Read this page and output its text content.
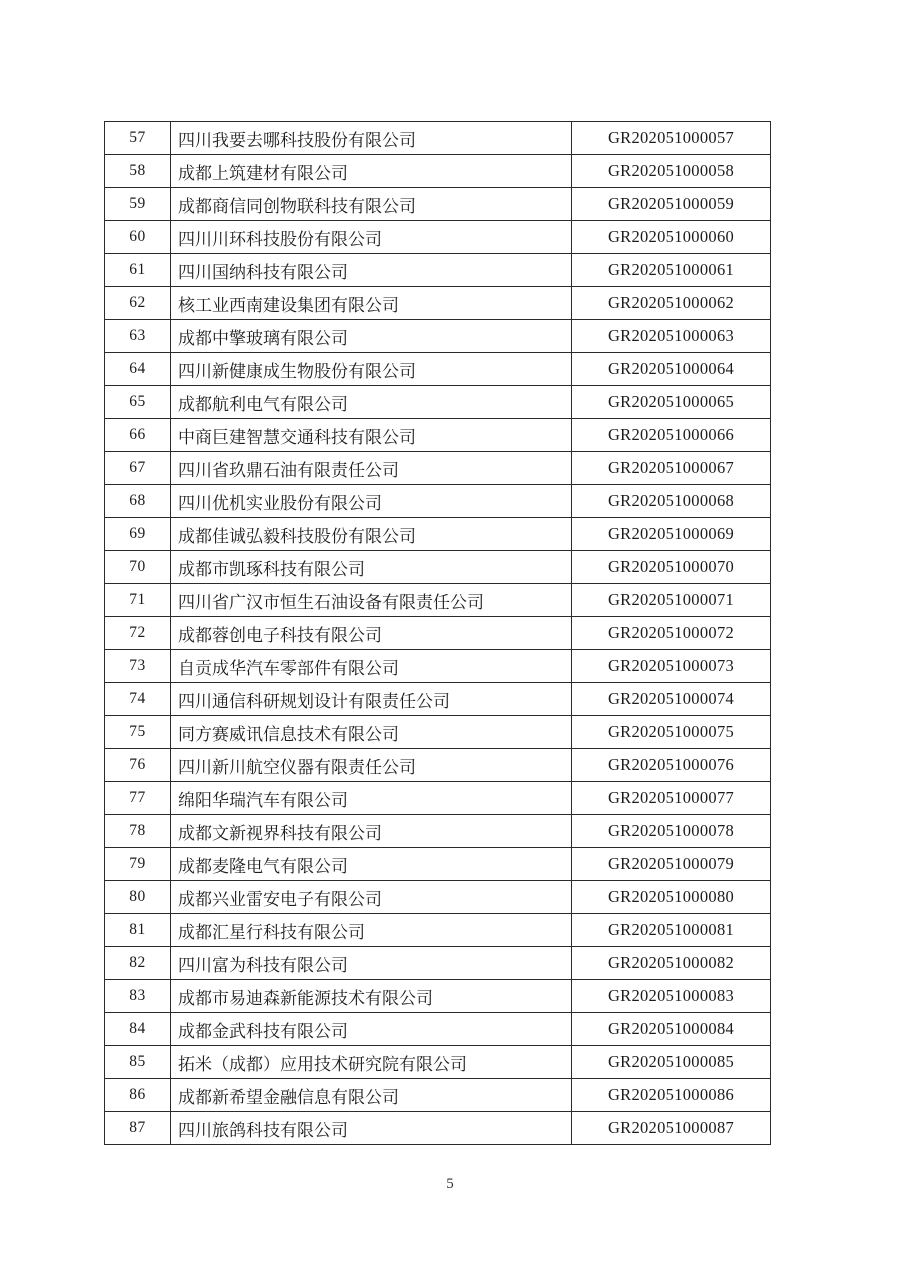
57	四川我要去哪科技股份有限公司	GR202051000057
58	成都上筑建材有限公司	GR202051000058
59	成都商信同创物联科技有限公司	GR202051000059
60	四川川环科技股份有限公司	GR202051000060
61	四川国纳科技有限公司	GR202051000061
62	核工业西南建设集团有限公司	GR202051000062
63	成都中擎玻璃有限公司	GR202051000063
64	四川新健康成生物股份有限公司	GR202051000064
65	成都航利电气有限公司	GR202051000065
66	中商巨建智慧交通科技有限公司	GR202051000066
67	四川省玖鼎石油有限责任公司	GR202051000067
68	四川优机实业股份有限公司	GR202051000068
69	成都佳诚弘毅科技股份有限公司	GR202051000069
70	成都市凯琢科技有限公司	GR202051000070
71	四川省广汉市恒生石油设备有限责任公司	GR202051000071
72	成都蓉创电子科技有限公司	GR202051000072
73	自贡成华汽车零部件有限公司	GR202051000073
74	四川通信科研规划设计有限责任公司	GR202051000074
75	同方赛威讯信息技术有限公司	GR202051000075
76	四川新川航空仪器有限责任公司	GR202051000076
77	绵阳华瑞汽车有限公司	GR202051000077
78	成都文新视界科技有限公司	GR202051000078
79	成都麦隆电气有限公司	GR202051000079
80	成都兴业雷安电子有限公司	GR202051000080
81	成都汇星行科技有限公司	GR202051000081
82	四川富为科技有限公司	GR202051000082
83	成都市易迪森新能源技术有限公司	GR202051000083
84	成都金武科技有限公司	GR202051000084
85	拓米（成都）应用技术研究院有限公司	GR202051000085
86	成都新希望金融信息有限公司	GR202051000086
87	四川旅鸽科技有限公司	GR202051000087
5
